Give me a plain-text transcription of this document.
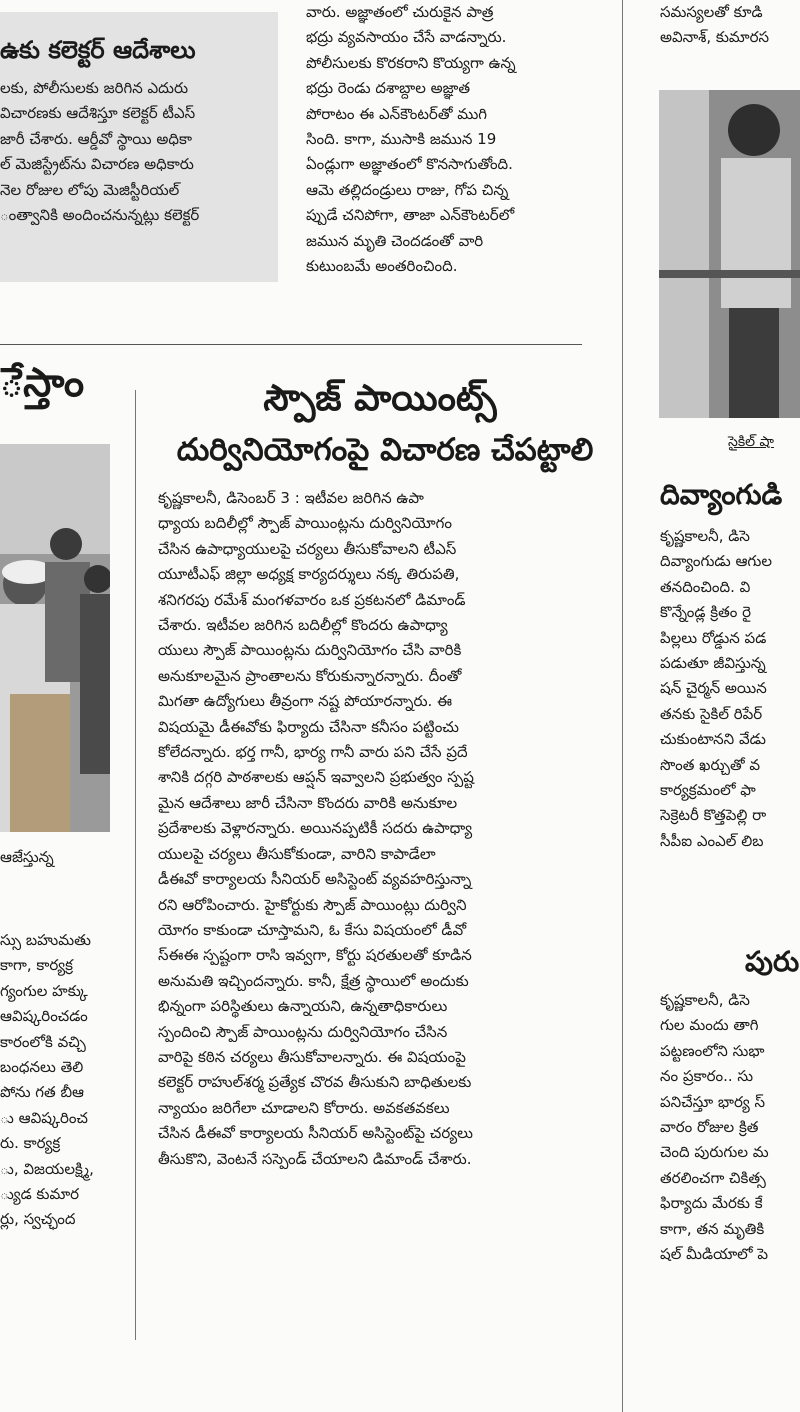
ఉకు కలెక్టర్ ఆదేశాలు

లకు, పోలీసులకు జరిగిన ఎదురు

విచారణకు ఆదేశిస్తూ కలెక్టర్ టీఎస్

జారీ చేశారు. ఆర్డీవో స్థాయి అధికా

ల్ మెజిస్ట్రేట్‌ను విచారణ అధికారు

నెల రోజుల లోపు మెజిస్టీరియల్

ంత్వానికి అందించనున్నట్లు కలెక్టర్

వారు. అజ్ఞాతంలో చురుకైన పాత్ర

భద్రు వ్యవసాయం చేసే వాడన్నారు.

పోలీసులకు కొరకరాని కొయ్యగా ఉన్న

భద్రు రెండు దశాబ్దాల అజ్ఞాత

పోరాటం ఈ ఎన్‌కౌంటర్‌తో ముగి

సింది. కాగా, ముసాకి జమున 19

ఏండ్లుగా అజ్ఞాతంలో కొనసాగుతోంది.

ఆమె తల్లిదండ్రులు రాజు, గోప చిన్న

ప్పుడే చనిపోగా, తాజా ఎన్‌కౌంటర్‌లో

జమున మృతి చెందడంతో వారి

కుటుంబమే అంతరించింది.

ేస్తాం
ఆజేస్తున్న

స్సు బహుమతు

కాగా, కార్యక్ర

గ్యంగుల హక్కు

ఆవిష్కరించడం

కారంలోకి వచ్చి

బంధనలు తెలి

పోను గత బీఆ

ు ఆవిష్కరించ

రు. కార్యక్ర

ు, విజయలక్ష్మి,

్యుడ కుమార

ర్లు, స్వచ్ఛంద

స్పౌజ్ పాయింట్స్
దుర్వినియోగంపై విచారణ చేపట్టాలి

కృష్ణకాలనీ, డిసెంబర్ 3 : ఇటీవల జరిగిన ఉపా

ధ్యాయ బదిలీల్లో స్పౌజ్ పాయింట్లను దుర్వినియోగం

చేసిన ఉపాధ్యాయులపై చర్యలు తీసుకోవాలని టీఎస్

యూటీఎఫ్ జిల్లా అధ్యక్ష కార్యదర్శులు నక్క తిరుపతి,

శనిగరపు రమేశ్ మంగళవారం ఒక ప్రకటనలో డిమాండ్

చేశారు. ఇటీవల జరిగిన బదిలీల్లో కొందరు ఉపాధ్యా

యులు స్పౌజ్ పాయింట్లను దుర్వినియోగం చేసి వారికి

అనుకూలమైన ప్రాంతాలను కోరుకున్నారన్నారు. దీంతో

మిగతా ఉద్యోగులు తీవ్రంగా నష్ట పోయారన్నారు. ఈ

విషయమై డీఈవోకు ఫిర్యాదు చేసినా కనీసం పట్టించు

కోలేదన్నారు. భర్త గానీ, భార్య గానీ వారు పని చేసే ప్రదే

శానికి దగ్గరి పాఠశాలకు ఆప్షన్ ఇవ్వాలని ప్రభుత్వం స్పష్ట

మైన ఆదేశాలు జారీ చేసినా కొందరు వారికి అనుకూల

ప్రదేశాలకు వెళ్లారన్నారు. అయినప్పటికీ సదరు ఉపాధ్యా

యులపై చర్యలు తీసుకోకుండా, వారిని కాపాడేలా

డీఈవో కార్యాలయ సీనియర్ అసిస్టెంట్ వ్యవహరిస్తున్నా

రని ఆరోపించారు. హైకోర్టుకు స్పౌజ్ పాయింట్లు దుర్విని

యోగం కాకుండా చూస్తామని, ఓ కేసు విషయంలో డీవో

స్ఈఈ స్పష్టంగా రాసి ఇవ్వగా, కోర్టు షరతులతో కూడిన

అనుమతి ఇచ్చిందన్నారు. కానీ, క్షేత్ర స్థాయిలో అందుకు

భిన్నంగా పరిస్థితులు ఉన్నాయని, ఉన్నతాధికారులు

స్పందించి స్పౌజ్ పాయింట్లను దుర్వినియోగం చేసిన

వారిపై కఠిన చర్యలు తీసుకోవాలన్నారు. ఈ విషయంపై

కలెక్టర్ రాహుల్‌శర్మ ప్రత్యేక చొరవ తీసుకుని బాధితులకు

న్యాయం జరిగేలా చూడాలని కోరారు. అవకతవకలు

చేసిన డీఈవో కార్యాలయ సీనియర్ అసిస్టెంట్‌పై చర్యలు

తీసుకొని, వెంటనే సస్పెండ్ చేయాలని డిమాండ్ చేశారు.

సమస్యలతో కూడి

అవినాశ్, కుమారస

సైకిల్ షా
దివ్యాంగుడి

కృష్ణకాలనీ, డిసె

దివ్యాంగుడు ఆగుల

తనదించింది. వి

కొన్నేండ్ల క్రితం రై

పిల్లలు రోడ్డున పడ

పడుతూ జీవిస్తున్న

షన్ చైర్మన్ అయిన

తనకు సైకిల్ రిపేర్

చుకుంటానని వేడు

సొంత ఖర్చుతో వ

కార్యక్రమంలో ఫా

సెక్రెటరీ కొత్తపెల్లి రా

సీపీఐ ఎంఎల్ లిబ

పురు

కృష్ణకాలనీ, డిసె

గుల మందు తాగి

పట్టణంలోని సుభా

నం ప్రకారం.. సు

పనిచేస్తూ భార్య స్

వారం రోజుల క్రిత

చెంది పురుగుల మ

తరలించగా చికిత్స

ఫిర్యాదు మేరకు కే

కాగా, తన మృతికి

షల్ మీడియాలో పె
